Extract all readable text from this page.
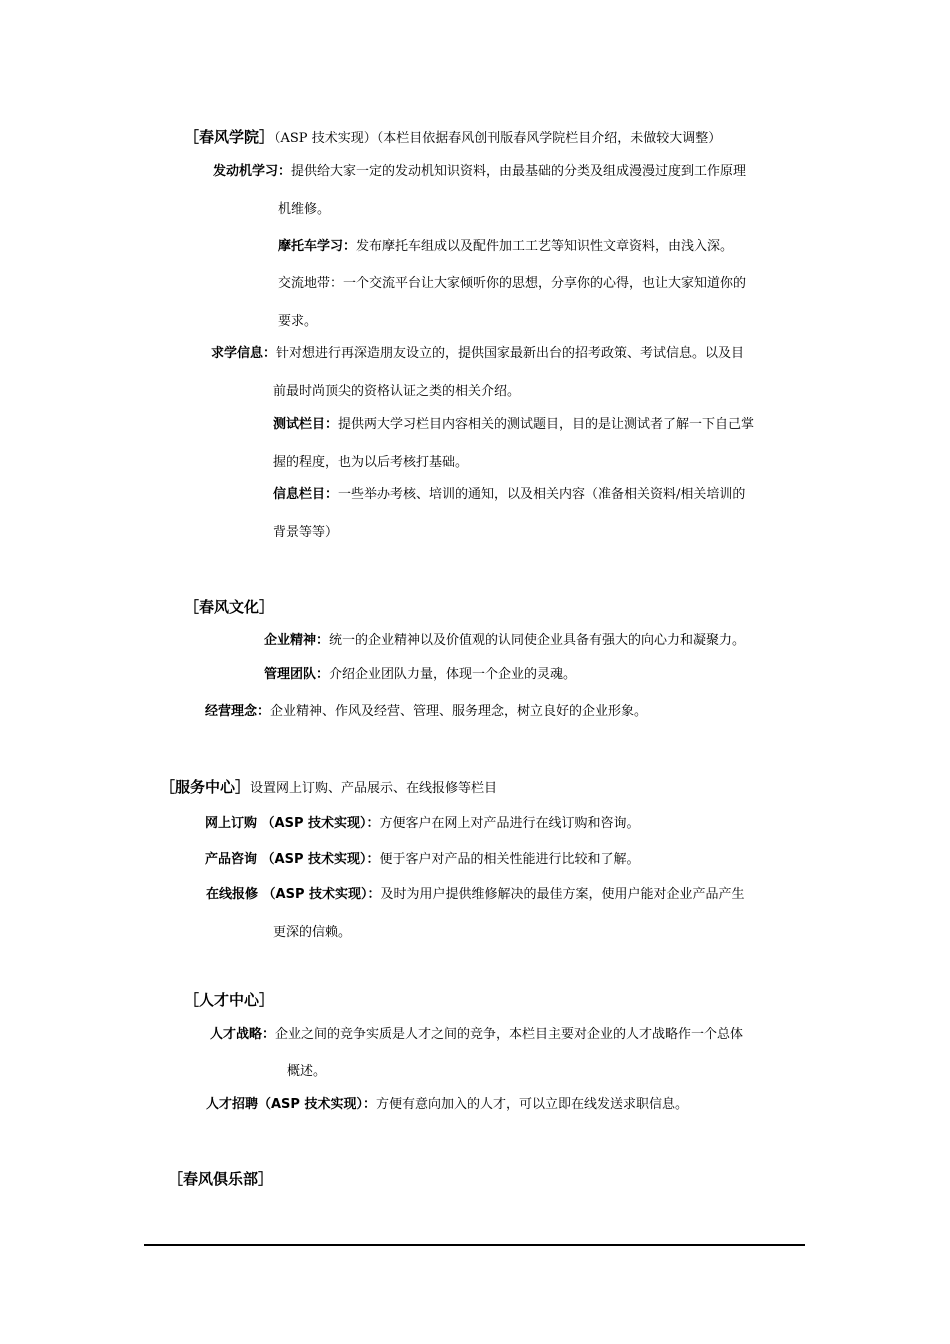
［春风学院］（ASP 技术实现）（本栏目依据春风创刊版春风学院栏目介绍，未做较大调整）
发动机学习：提供给大家一定的发动机知识资料，由最基础的分类及组成漫漫过度到工作原理
机维修。
摩托车学习：发布摩托车组成以及配件加工工艺等知识性文章资料，由浅入深。
交流地带：一个交流平台让大家倾听你的思想，分享你的心得，也让大家知道你的
要求。
求学信息：针对想进行再深造朋友设立的，提供国家最新出台的招考政策、考试信息。以及目
前最时尚顶尖的资格认证之类的相关介绍。
测试栏目：提供两大学习栏目内容相关的测试题目，目的是让测试者了解一下自己掌
握的程度，也为以后考核打基础。
信息栏目：一些举办考核、培训的通知，以及相关内容（准备相关资料/相关培训的
背景等等）
［春风文化］
企业精神：统一的企业精神以及价值观的认同使企业具备有强大的向心力和凝聚力。
管理团队：介绍企业团队力量，体现一个企业的灵魂。
经营理念：企业精神、作风及经营、管理、服务理念，树立良好的企业形象。
［服务中心］设置网上订购、产品展示、在线报修等栏目
网上订购 （ASP 技术实现）：方便客户在网上对产品进行在线订购和咨询。
产品咨询 （ASP 技术实现）：便于客户对产品的相关性能进行比较和了解。
在线报修 （ASP 技术实现）：及时为用户提供维修解决的最佳方案，使用户能对企业产品产生
更深的信赖。
［人才中心］
人才战略：企业之间的竞争实质是人才之间的竞争，本栏目主要对企业的人才战略作一个总体
概述。
人才招聘（ASP 技术实现）：方便有意向加入的人才，可以立即在线发送求职信息。
［春风俱乐部］
